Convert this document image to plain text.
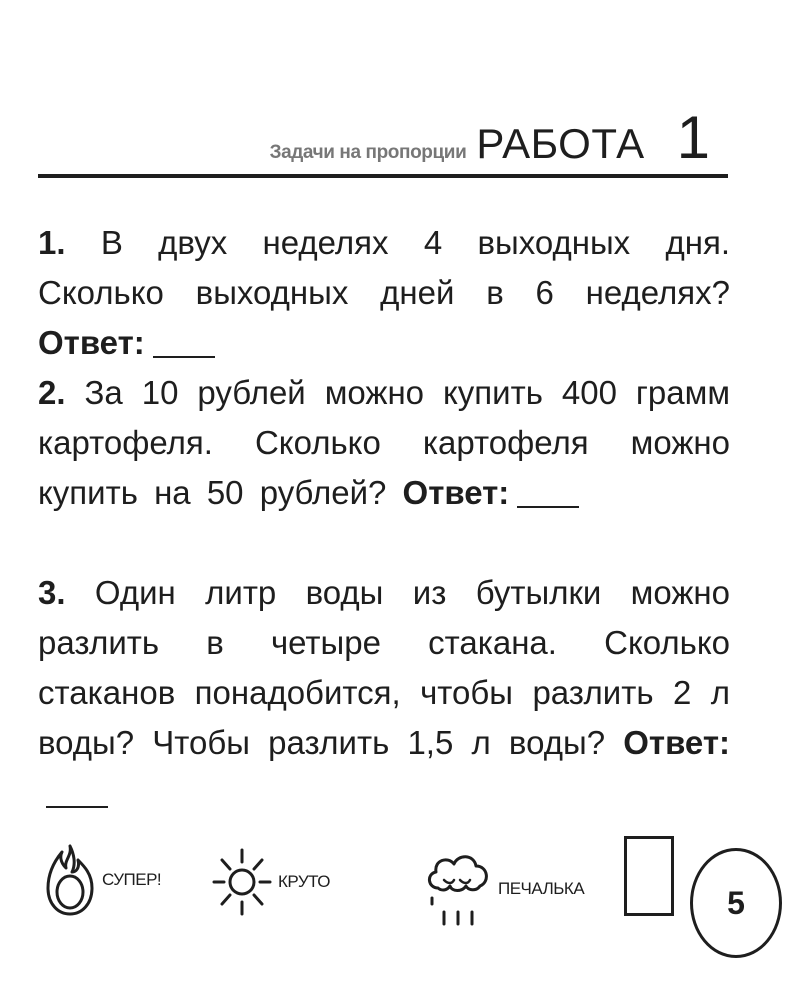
Задачи на пропорции РАБОТА 1
1. В двух неделях 4 выходных дня. Сколько выходных дней в 6 неделях? Ответ:
2. За 10 рублей можно купить 400 грамм картофеля. Сколько картофеля можно купить на 50 рублей? Ответ:
3. Один литр воды из бутылки можно разлить в четыре стакана. Сколько стаканов понадобится, чтобы разлить 2 л воды? Чтобы разлить 1,5 л воды? Ответ:
СУПЕР!	КРУТО	ПЕЧАЛЬКА	5
